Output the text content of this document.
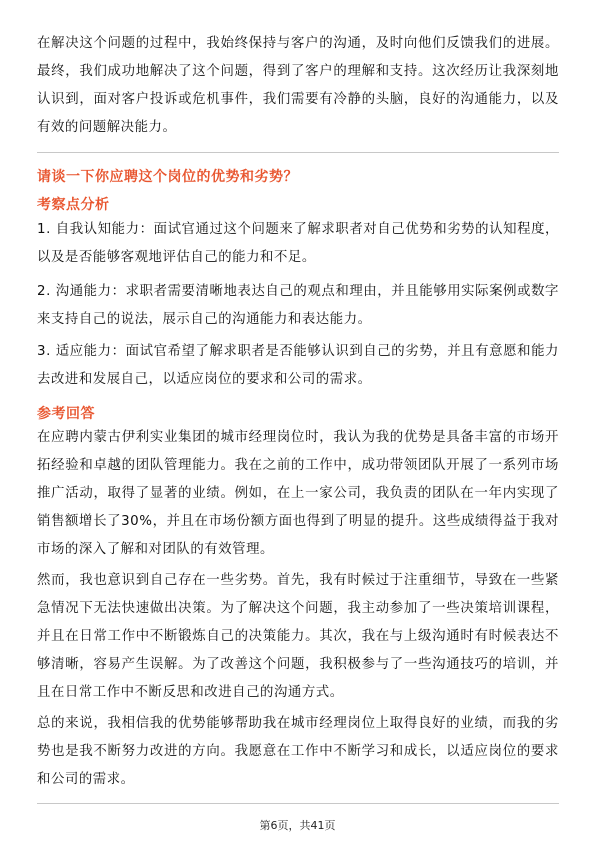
在解决这个问题的过程中，我始终保持与客户的沟通，及时向他们反馈我们的进展。最终，我们成功地解决了这个问题，得到了客户的理解和支持。这次经历让我深刻地认识到，面对客户投诉或危机事件，我们需要有冷静的头脑，良好的沟通能力，以及有效的问题解决能力。

请谈一下你应聘这个岗位的优势和劣势？

考察点分析

1. 自我认知能力：面试官通过这个问题来了解求职者对自己优势和劣势的认知程度，以及是否能够客观地评估自己的能力和不足。

2. 沟通能力：求职者需要清晰地表达自己的观点和理由，并且能够用实际案例或数字来支持自己的说法，展示自己的沟通能力和表达能力。

3. 适应能力：面试官希望了解求职者是否能够认识到自己的劣势，并且有意愿和能力去改进和发展自己，以适应岗位的要求和公司的需求。

参考回答

在应聘内蒙古伊利实业集团的城市经理岗位时，我认为我的优势是具备丰富的市场开拓经验和卓越的团队管理能力。我在之前的工作中，成功带领团队开展了一系列市场推广活动，取得了显著的业绩。例如，在上一家公司，我负责的团队在一年内实现了销售额增长了30%，并且在市场份额方面也得到了明显的提升。这些成绩得益于我对市场的深入了解和对团队的有效管理。

然而，我也意识到自己存在一些劣势。首先，我有时候过于注重细节，导致在一些紧急情况下无法快速做出决策。为了解决这个问题，我主动参加了一些决策培训课程，并且在日常工作中不断锻炼自己的决策能力。其次，我在与上级沟通时有时候表达不够清晰，容易产生误解。为了改善这个问题，我积极参与了一些沟通技巧的培训，并且在日常工作中不断反思和改进自己的沟通方式。

总的来说，我相信我的优势能够帮助我在城市经理岗位上取得良好的业绩，而我的劣势也是我不断努力改进的方向。我愿意在工作中不断学习和成长，以适应岗位的要求和公司的需求。

第6页，共41页
